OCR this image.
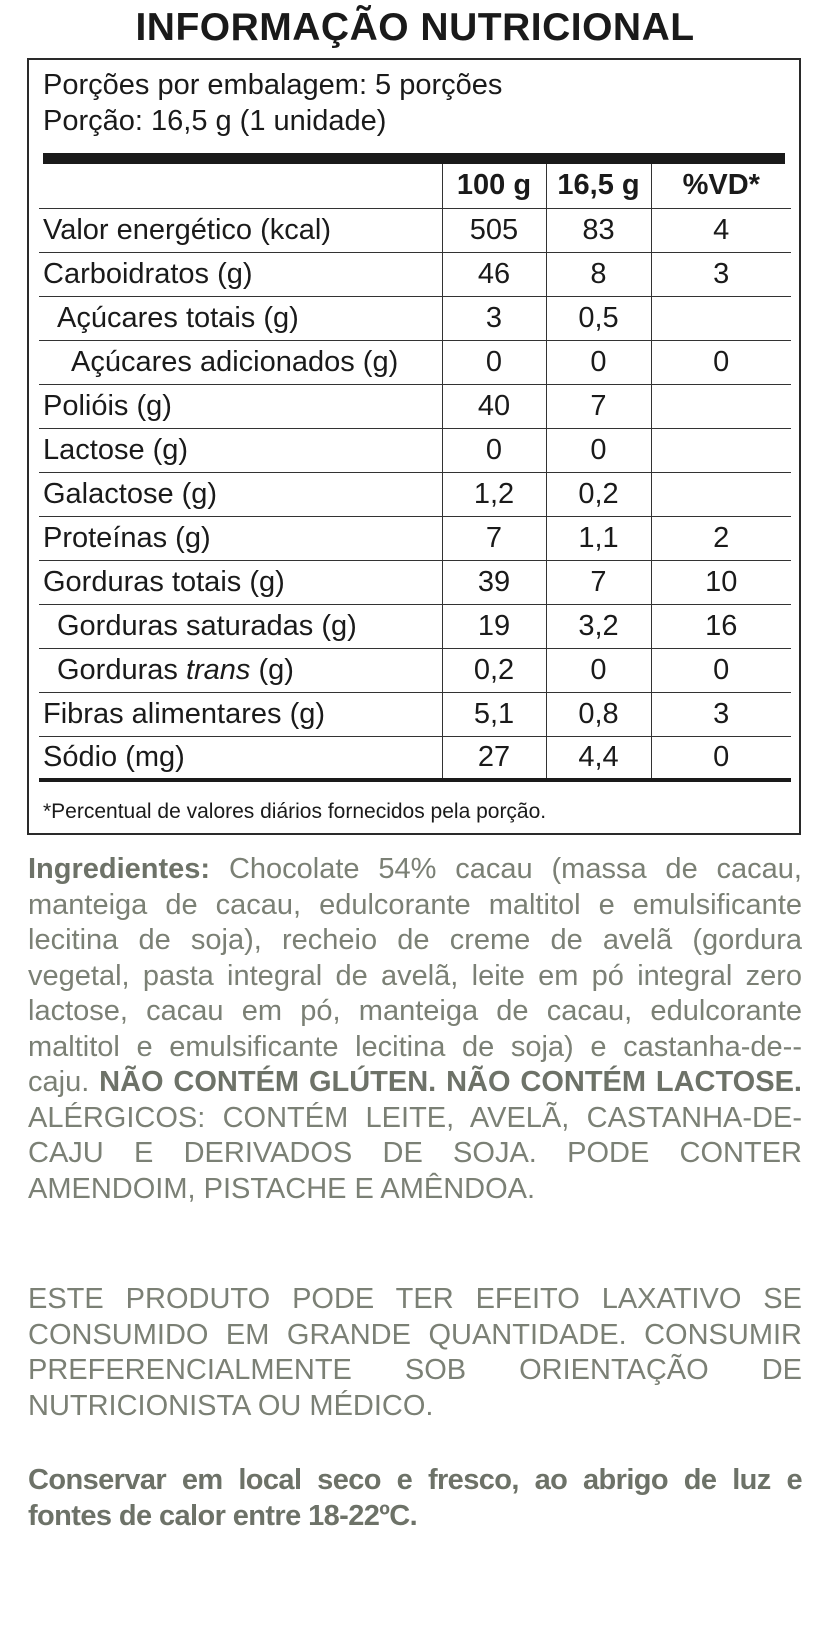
INFORMAÇÃO NUTRICIONAL
Porções por embalagem: 5 porções
Porção: 16,5 g (1 unidade)
	100 g	16,5 g	%VD*
Valor energético (kcal)	505	83	4
Carboidratos (g)	46	8	3
Açúcares totais (g)	3	0,5	
Açúcares adicionados (g)	0	0	0
Polióis (g)	40	7	
Lactose (g)	0	0	
Galactose (g)	1,2	0,2	
Proteínas (g)	7	1,1	2
Gorduras totais (g)	39	7	10
Gorduras saturadas (g)	19	3,2	16
Gorduras trans (g)	0,2	0	0
Fibras alimentares (g)	5,1	0,8	3
Sódio (mg)	27	4,4	0
*Percentual de valores diários fornecidos pela porção.

Ingredientes: Chocolate 54% cacau (massa de cacau, manteiga de cacau, edulcorante maltitol e emulsificante lecitina de soja), recheio de creme de avelã (gordura vegetal, pasta integral de avelã, leite em pó integral zero lactose, cacau em pó, manteiga de cacau, edulcorante maltitol e emulsificante lecitina de soja) e castanha-de--caju. NÃO CONTÉM GLÚTEN. NÃO CONTÉM LACTOSE. ALÉRGICOS: CONTÉM LEITE, AVELÃ, CASTANHA-DE-CAJU E DERIVADOS DE SOJA. PODE CONTER AMENDOIM, PISTACHE E AMÊNDOA.

ESTE PRODUTO PODE TER EFEITO LAXATIVO SE CONSUMIDO EM GRANDE QUANTIDADE. CONSUMIR PREFERENCIALMENTE SOB ORIENTAÇÃO DE NUTRICIONISTA OU MÉDICO.

Conservar em local seco e fresco, ao abrigo de luz e fontes de calor entre 18-22ºC.
